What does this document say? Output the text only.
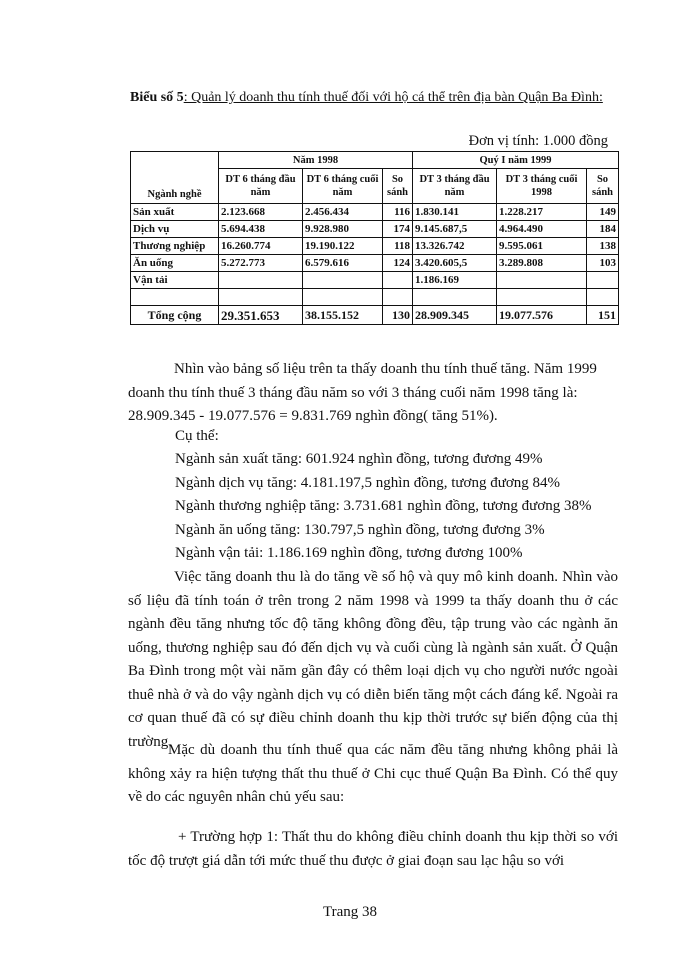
Biểu số 5: Quản lý doanh thu tính thuế đối với hộ cá thể trên địa bàn Quận Ba Đình:
Đơn vị tính: 1.000 đồng
Ngành nghề	Năm 1998			Quý I năm 1999		
	DT 6 tháng đầu năm	DT 6 tháng cuối năm	So sánh	DT 3 tháng đầu năm	DT 3 tháng cuối 1998	So sánh

Sản xuất	2.123.668	2.456.434	116	1.830.141	1.228.217	149
Dịch vụ	5.694.438	9.928.980	174	9.145.687,5	4.964.490	184
Thương nghiệp	16.260.774	19.190.122	118	13.326.742	9.595.061	138
Ăn uống	5.272.773	6.579.616	124	3.420.605,5	3.289.808	103
Vận tải				1.186.169		

Tổng cộng	29.351.653	38.155.152	130	28.909.345	19.077.576	151
Nhìn vào bảng số liệu trên ta thấy doanh thu tính thuế tăng. Năm 1999 doanh thu tính thuế 3 tháng đầu năm so với 3 tháng cuối năm 1998 tăng là: 28.909.345 - 19.077.576 = 9.831.769 nghìn đồng( tăng 51%).
Cụ thể:
Ngành sản xuất tăng: 601.924 nghìn đồng, tương đương 49%
Ngành dịch vụ tăng: 4.181.197,5 nghìn đồng, tương đương 84%
Ngành thương nghiệp tăng: 3.731.681 nghìn đồng, tương đương 38%
Ngành ăn uống tăng: 130.797,5 nghìn đồng, tương đương 3%
Ngành vận tải: 1.186.169 nghìn đồng, tương đương 100%
Việc tăng doanh thu là do tăng về số hộ và quy mô kinh doanh. Nhìn vào số liệu đã tính toán ở trên trong 2 năm 1998 và 1999 ta thấy doanh thu ở các ngành đều tăng nhưng tốc độ tăng không đồng đều, tập trung vào các ngành ăn uống, thương nghiệp sau đó đến dịch vụ và cuối cùng là ngành sản xuất. Ở Quận Ba Đình trong một vài năm gần đây có thêm loại dịch vụ cho người nước ngoài thuê nhà ở và do vậy ngành dịch vụ có diễn biến tăng một cách đáng kể. Ngoài ra cơ quan thuế đã có sự điều chỉnh doanh thu kịp thời trước sự biến động của thị trường.
Mặc dù doanh thu tính thuế qua các năm đều tăng nhưng không phải là không xảy ra hiện tượng thất thu thuế ở Chi cục thuế Quận Ba Đình. Có thể quy về do các nguyên nhân chủ yếu sau:
+ Trường hợp 1: Thất thu do không điều chỉnh doanh thu kịp thời so với tốc độ trượt giá dẫn tới mức thuế thu được ở giai đoạn sau lạc hậu so với
Trang 38
